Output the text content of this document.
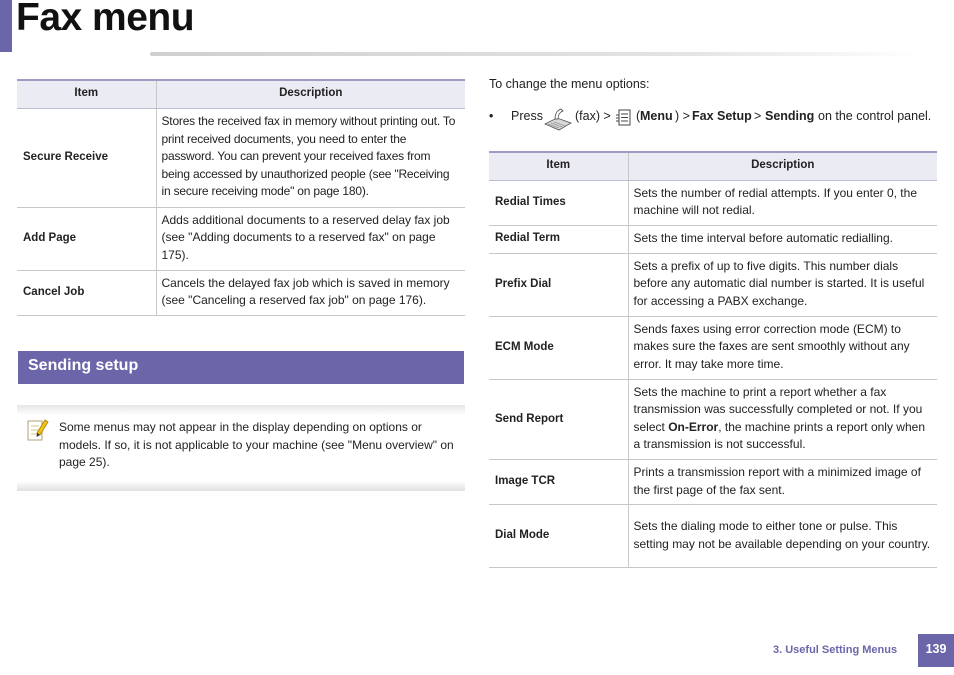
Fax menu
Item	Description
Secure Receive	Stores the received fax in memory without printing out. To print received documents, you need to enter the password. You can prevent your received faxes from being accessed by unauthorized people (see "Receiving in secure receiving mode" on page 180).
Add Page	Adds additional documents to a reserved delay fax job (see "Adding documents to a reserved fax" on page 175).
Cancel Job	Cancels the delayed fax job which is saved in memory (see "Canceling a reserved fax job" on page 176).
Sending setup
Some menus may not appear in the display depending on options or models. If so, it is not applicable to your machine (see "Menu overview" on page 25).
To change the menu options:
• Press	(fax) > ( Menu ) > Fax Setup > Sending on the control panel.
Item	Description
Redial Times	Sets the number of redial attempts. If you enter 0, the machine will not redial.
Redial Term	Sets the time interval before automatic redialling.
Prefix Dial	Sets a prefix of up to five digits. This number dials before any automatic dial number is started. It is useful for accessing a PABX exchange.
ECM Mode	Sends faxes using error correction mode (ECM) to makes sure the faxes are sent smoothly without any error. It may take more time.
Send Report	Sets the machine to print a report whether a fax transmission was successfully completed or not. If you select On-Error, the machine prints a report only when a transmission is not successful.
Image TCR	Prints a transmission report with a minimized image of the first page of the fax sent.
Dial Mode	Sets the dialing mode to either tone or pulse. This setting may not be available depending on your country.
3. Useful Setting Menus	139
